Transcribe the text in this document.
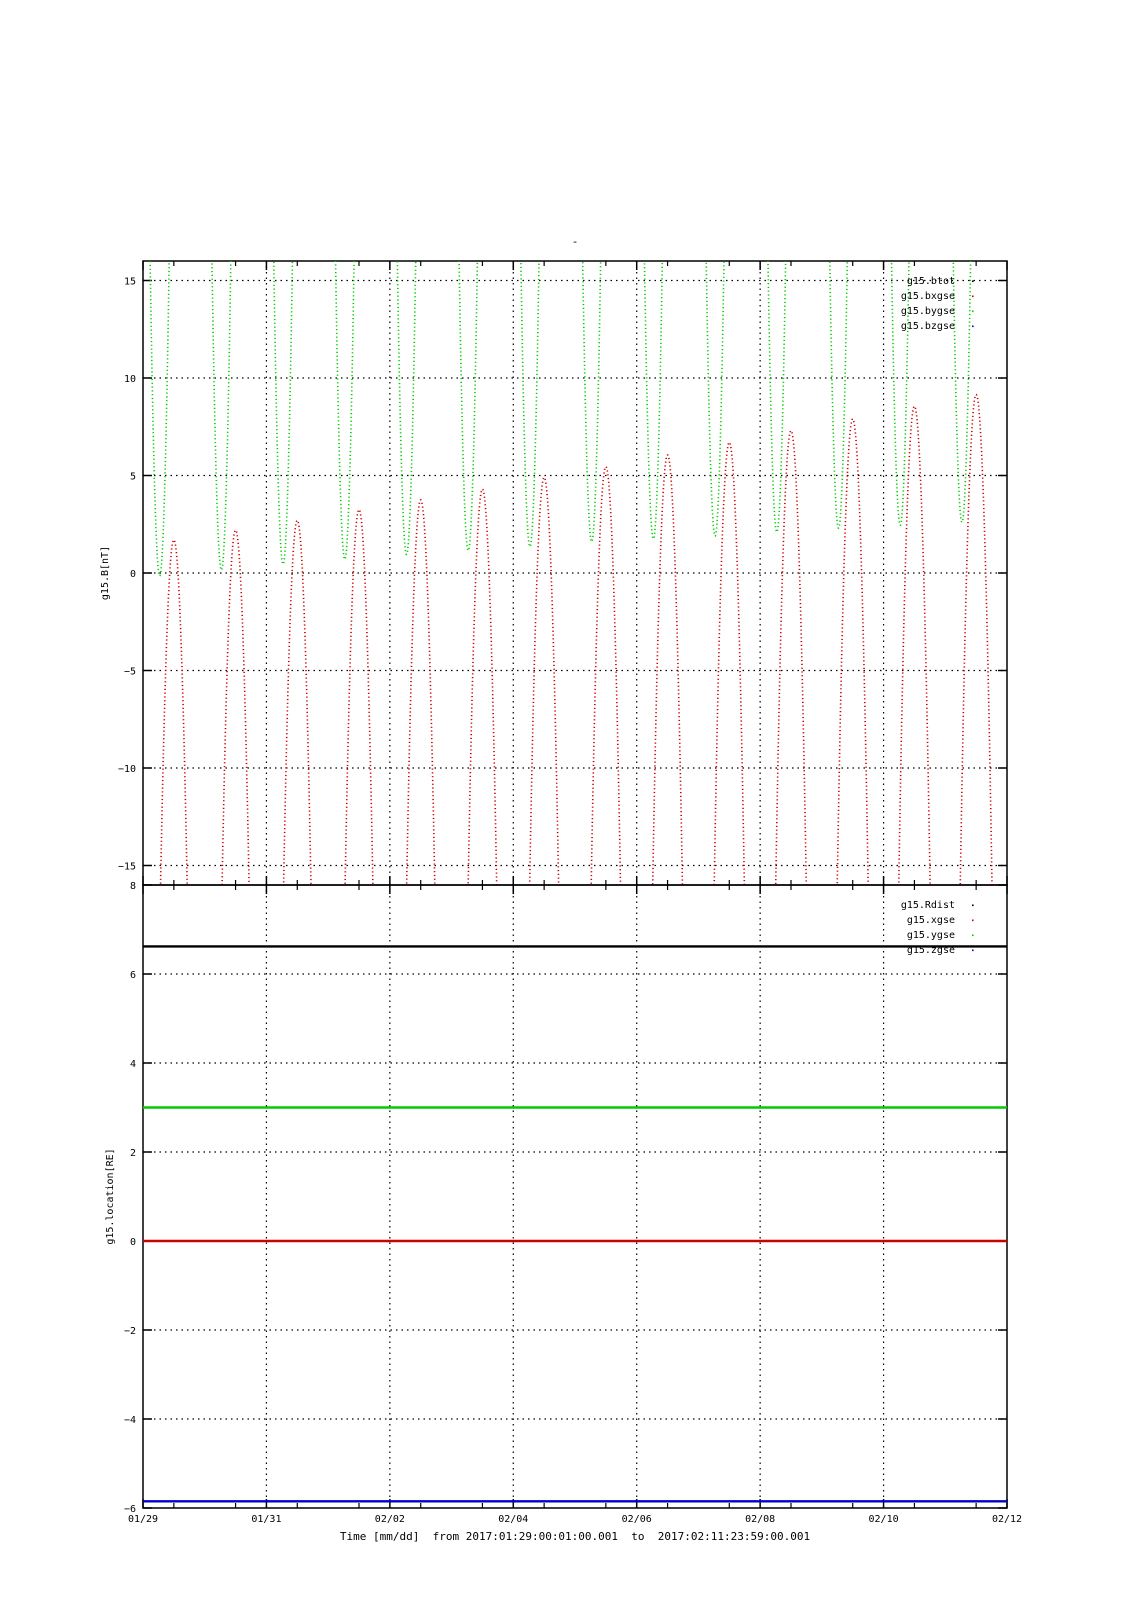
-
−15
−10
−5
0
5
10
15
g15.B[nT]
g15.btot
g15.bxgse
g15.bygse
g15.bzgse
−6
−4
−2
0
2
4
6
8
g15.location[RE]
g15.Rdist
g15.xgse
g15.ygse
g15.zgse
01/29	01/31	02/02	02/04	02/06	02/08	02/10	02/12
Time [mm/dd]  from 2017:01:29:00:01:00.001  to  2017:02:11:23:59:00.001
